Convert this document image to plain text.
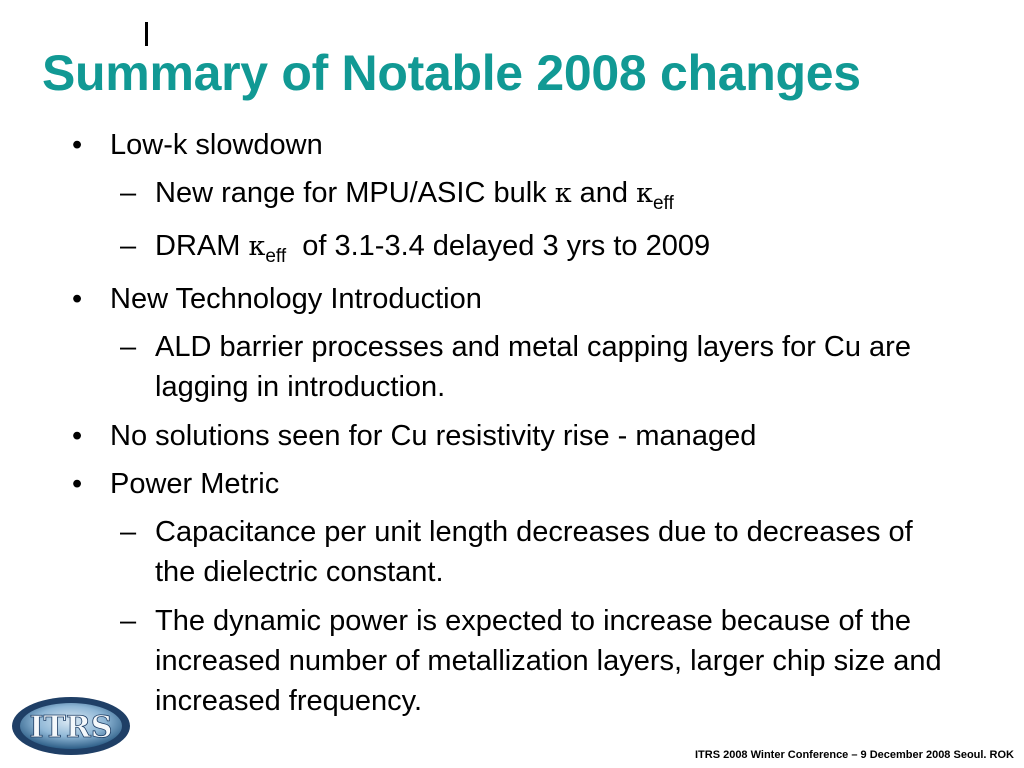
Summary of Notable 2008 changes
• Low-k slowdown
– New range for MPU/ASIC bulk κ and $\kappa_{eff}$
– DRAM $\kappa_{eff}$  of 3.1-3.4 delayed 3 yrs to 2009
• New Technology Introduction
– ALD barrier processes and metal capping layers for Cu are lagging in introduction.
• No solutions seen for Cu resistivity rise - managed
• Power Metric
– Capacitance per unit length decreases due to decreases of the dielectric constant.
– The dynamic power is expected to increase because of the increased number of metallization layers, larger chip size and increased frequency.
ITRS
ITRS 2008 Winter Conference – 9 December 2008 Seoul. ROK
